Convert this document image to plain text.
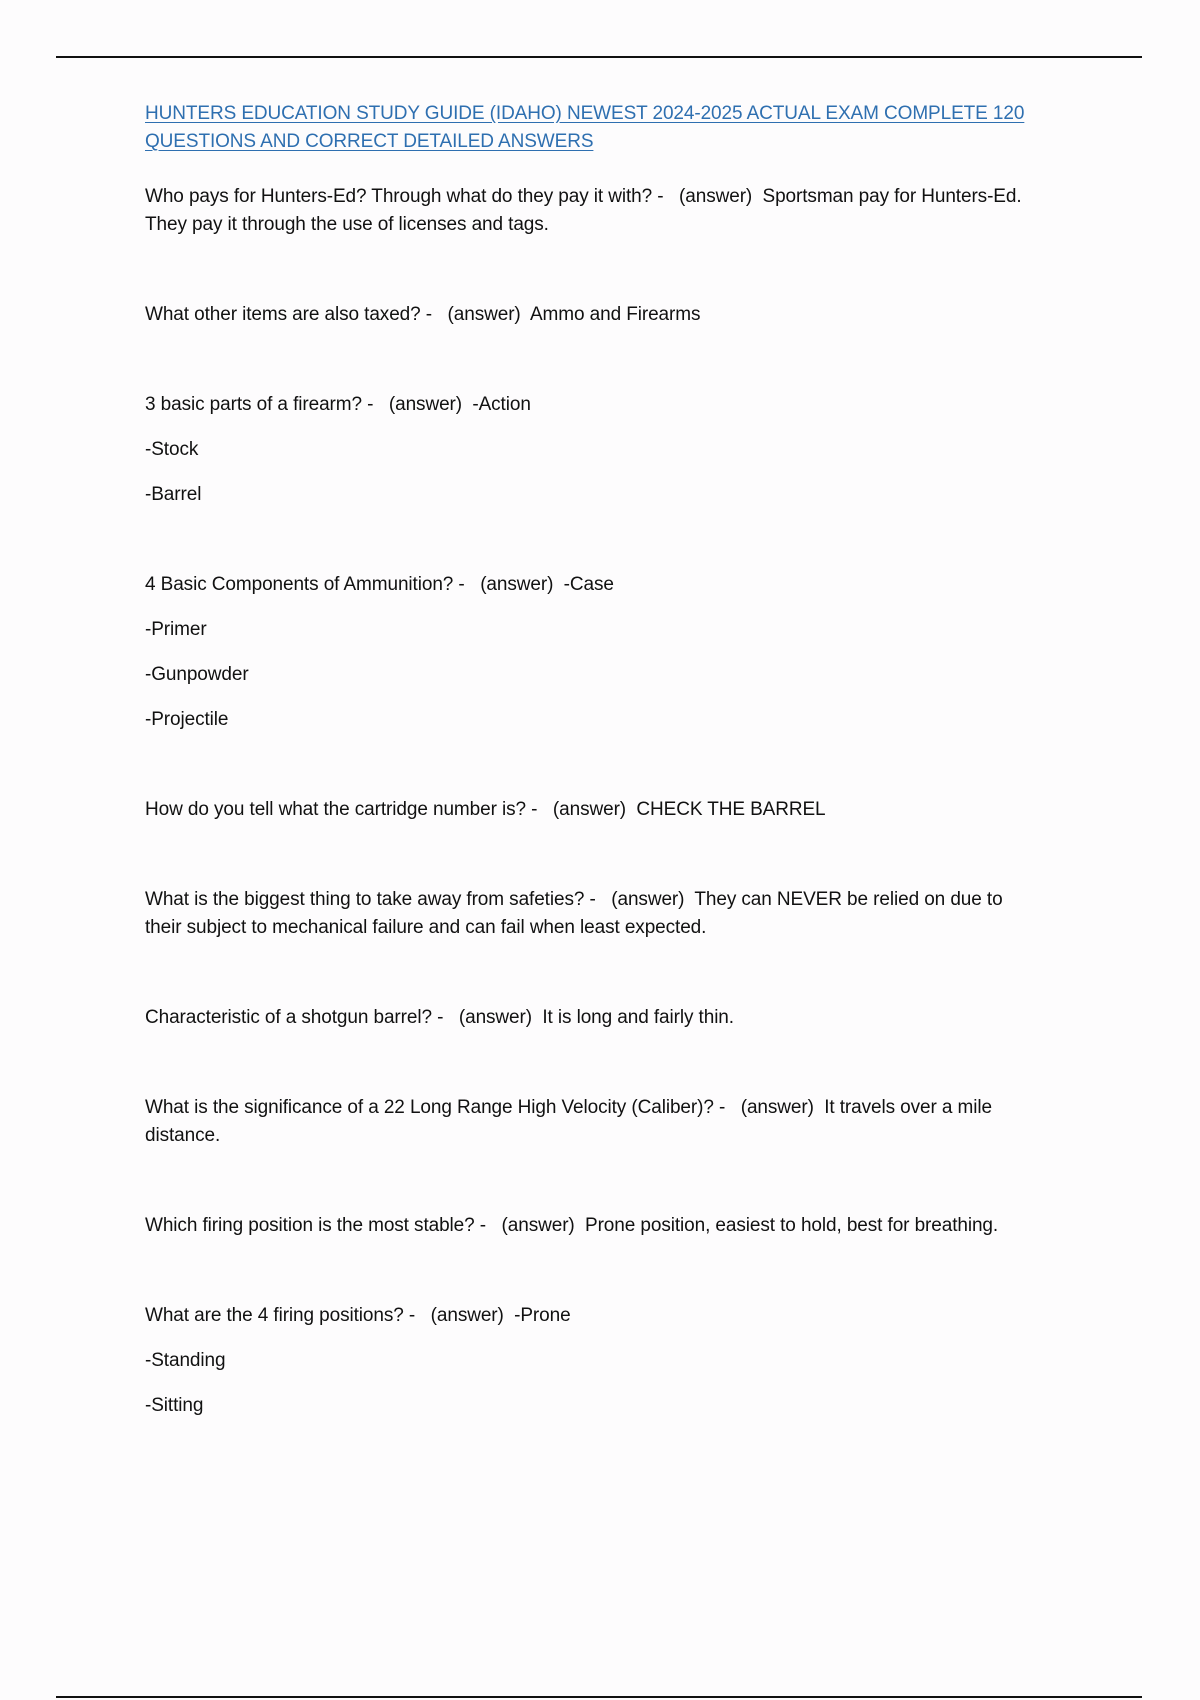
HUNTERS EDUCATION STUDY GUIDE (IDAHO) NEWEST 2024-2025 ACTUAL EXAM COMPLETE 120
QUESTIONS AND CORRECT DETAILED ANSWERS

Who pays for Hunters-Ed? Through what do they pay it with? -   (answer)  Sportsman pay for Hunters-Ed.
They pay it through the use of licenses and tags.

What other items are also taxed? -   (answer)  Ammo and Firearms

3 basic parts of a firearm? -   (answer)  -Action
-Stock
-Barrel

4 Basic Components of Ammunition? -   (answer)  -Case
-Primer
-Gunpowder
-Projectile

How do you tell what the cartridge number is? -   (answer)  CHECK THE BARREL

What is the biggest thing to take away from safeties? -   (answer)  They can NEVER be relied on due to
their subject to mechanical failure and can fail when least expected.

Characteristic of a shotgun barrel? -   (answer)  It is long and fairly thin.

What is the significance of a 22 Long Range High Velocity (Caliber)? -   (answer)  It travels over a mile
distance.

Which firing position is the most stable? -   (answer)  Prone position, easiest to hold, best for breathing.

What are the 4 firing positions? -   (answer)  -Prone
-Standing
-Sitting
